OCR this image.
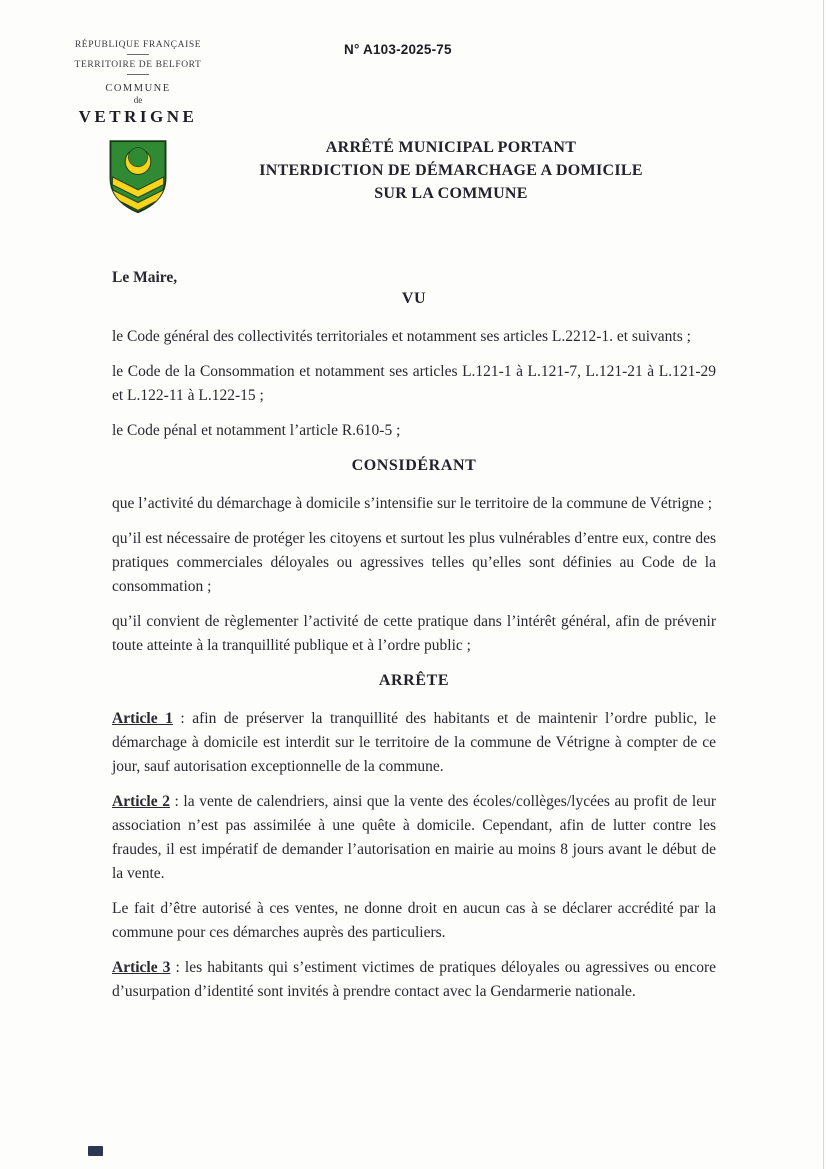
RÉPUBLIQUE FRANÇAISE
TERRITOIRE DE BELFORT
COMMUNE
de
VETRIGNE
N° A103-2025-75
ARRÊTÉ MUNICIPAL PORTANT
INTERDICTION DE DÉMARCHAGE A DOMICILE
SUR LA COMMUNE

Le Maire,

VU

le Code général des collectivités territoriales et notamment ses articles L.2212-1. et suivants ;

le Code de la Consommation et notamment ses articles L.121-1 à L.121-7, L.121-21 à L.121-29 et L.122-11 à L.122-15 ;

le Code pénal et notamment l’article R.610-5 ;

CONSIDÉRANT

que l’activité du démarchage à domicile s’intensifie sur le territoire de la commune de Vétrigne ;

qu’il est nécessaire de protéger les citoyens et surtout les plus vulnérables d’entre eux, contre des pratiques commerciales déloyales ou agressives telles qu’elles sont définies au Code de la consommation ;

qu’il convient de règlementer l’activité de cette pratique dans l’intérêt général, afin de prévenir toute atteinte à la tranquillité publique et à l’ordre public ;

ARRÊTE

Article 1 : afin de préserver la tranquillité des habitants et de maintenir l’ordre public, le démarchage à domicile est interdit sur le territoire de la commune de Vétrigne à compter de ce jour, sauf autorisation exceptionnelle de la commune.

Article 2 : la vente de calendriers, ainsi que la vente des écoles/collèges/lycées au profit de leur association n’est pas assimilée à une quête à domicile. Cependant, afin de lutter contre les fraudes, il est impératif de demander l’autorisation en mairie au moins 8 jours avant le début de la vente.

Le fait d’être autorisé à ces ventes, ne donne droit en aucun cas à se déclarer accrédité par la commune pour ces démarches auprès des particuliers.

Article 3 : les habitants qui s’estiment victimes de pratiques déloyales ou agressives ou encore d’usurpation d’identité sont invités à prendre contact avec la Gendarmerie nationale.
